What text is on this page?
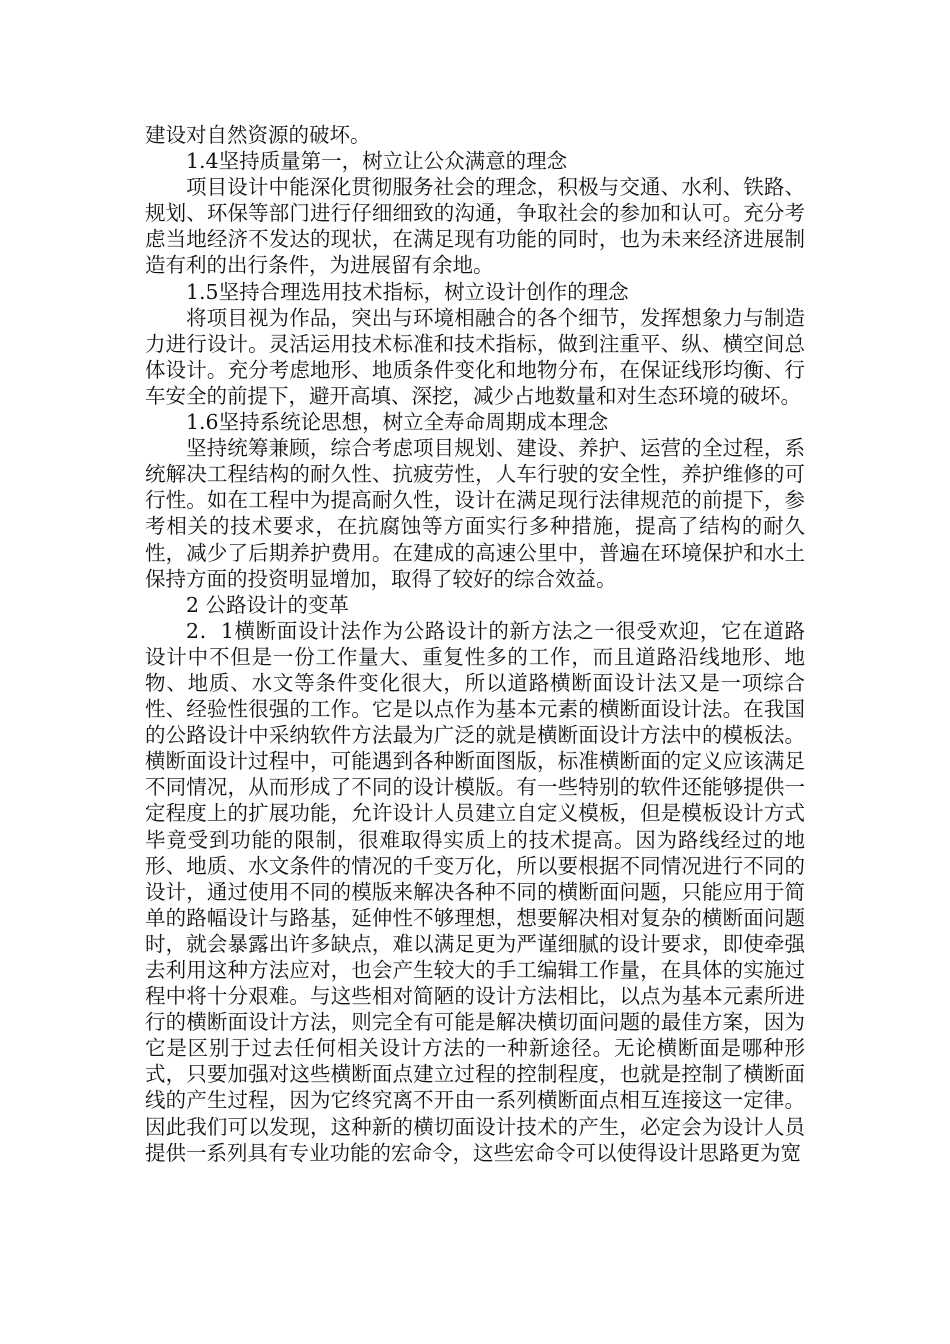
建设对自然资源的破坏。

1.4坚持质量第一，树立让公众满意的理念

项目设计中能深化贯彻服务社会的理念，积极与交通、水利、铁路、规划、环保等部门进行仔细细致的沟通，争取社会的参加和认可。充分考虑当地经济不发达的现状，在满足现有功能的同时，也为未来经济进展制造有利的出行条件，为进展留有余地。

1.5坚持合理选用技术指标，树立设计创作的理念

将项目视为作品，突出与环境相融合的各个细节，发挥想象力与制造力进行设计。灵活运用技术标准和技术指标，做到注重平、纵、横空间总体设计。充分考虑地形、地质条件变化和地物分布，在保证线形均衡、行车安全的前提下，避开高填、深挖，减少占地数量和对生态环境的破坏。

1.6坚持系统论思想，树立全寿命周期成本理念

坚持统筹兼顾，综合考虑项目规划、建设、养护、运营的全过程，系统解决工程结构的耐久性、抗疲劳性，人车行驶的安全性，养护维修的可行性。如在工程中为提高耐久性，设计在满足现行法律规范的前提下，参考相关的技术要求，在抗腐蚀等方面实行多种措施，提高了结构的耐久性，减少了后期养护费用。在建成的高速公里中，普遍在环境保护和水土保持方面的投资明显增加，取得了较好的综合效益。

2 公路设计的变革

2．1横断面设计法作为公路设计的新方法之一很受欢迎，它在道路设计中不但是一份工作量大、重复性多的工作，而且道路沿线地形、地物、地质、水文等条件变化很大，所以道路横断面设计法又是一项综合性、经验性很强的工作。它是以点作为基本元素的横断面设计法。在我国的公路设计中采纳软件方法最为广泛的就是横断面设计方法中的模板法。横断面设计过程中，可能遇到各种断面图版，标准横断面的定义应该满足不同情况，从而形成了不同的设计模版。有一些特别的软件还能够提供一定程度上的扩展功能，允许设计人员建立自定义模板，但是模板设计方式毕竟受到功能的限制，很难取得实质上的技术提高。因为路线经过的地形、地质、水文条件的情况的千变万化，所以要根据不同情况进行不同的设计，通过使用不同的模版来解决各种不同的横断面问题，只能应用于简单的路幅设计与路基，延伸性不够理想，想要解决相对复杂的横断面问题时，就会暴露出许多缺点，难以满足更为严谨细腻的设计要求，即使牵强去利用这种方法应对，也会产生较大的手工编辑工作量，在具体的实施过程中将十分艰难。与这些相对简陋的设计方法相比，以点为基本元素所进行的横断面设计方法，则完全有可能是解决横切面问题的最佳方案，因为它是区别于过去任何相关设计方法的一种新途径。无论横断面是哪种形式，只要加强对这些横断面点建立过程的控制程度，也就是控制了横断面线的产生过程，因为它终究离不开由一系列横断面点相互连接这一定律。因此我们可以发现，这种新的横切面设计技术的产生，必定会为设计人员提供一系列具有专业功能的宏命令，这些宏命令可以使得设计思路更为宽
